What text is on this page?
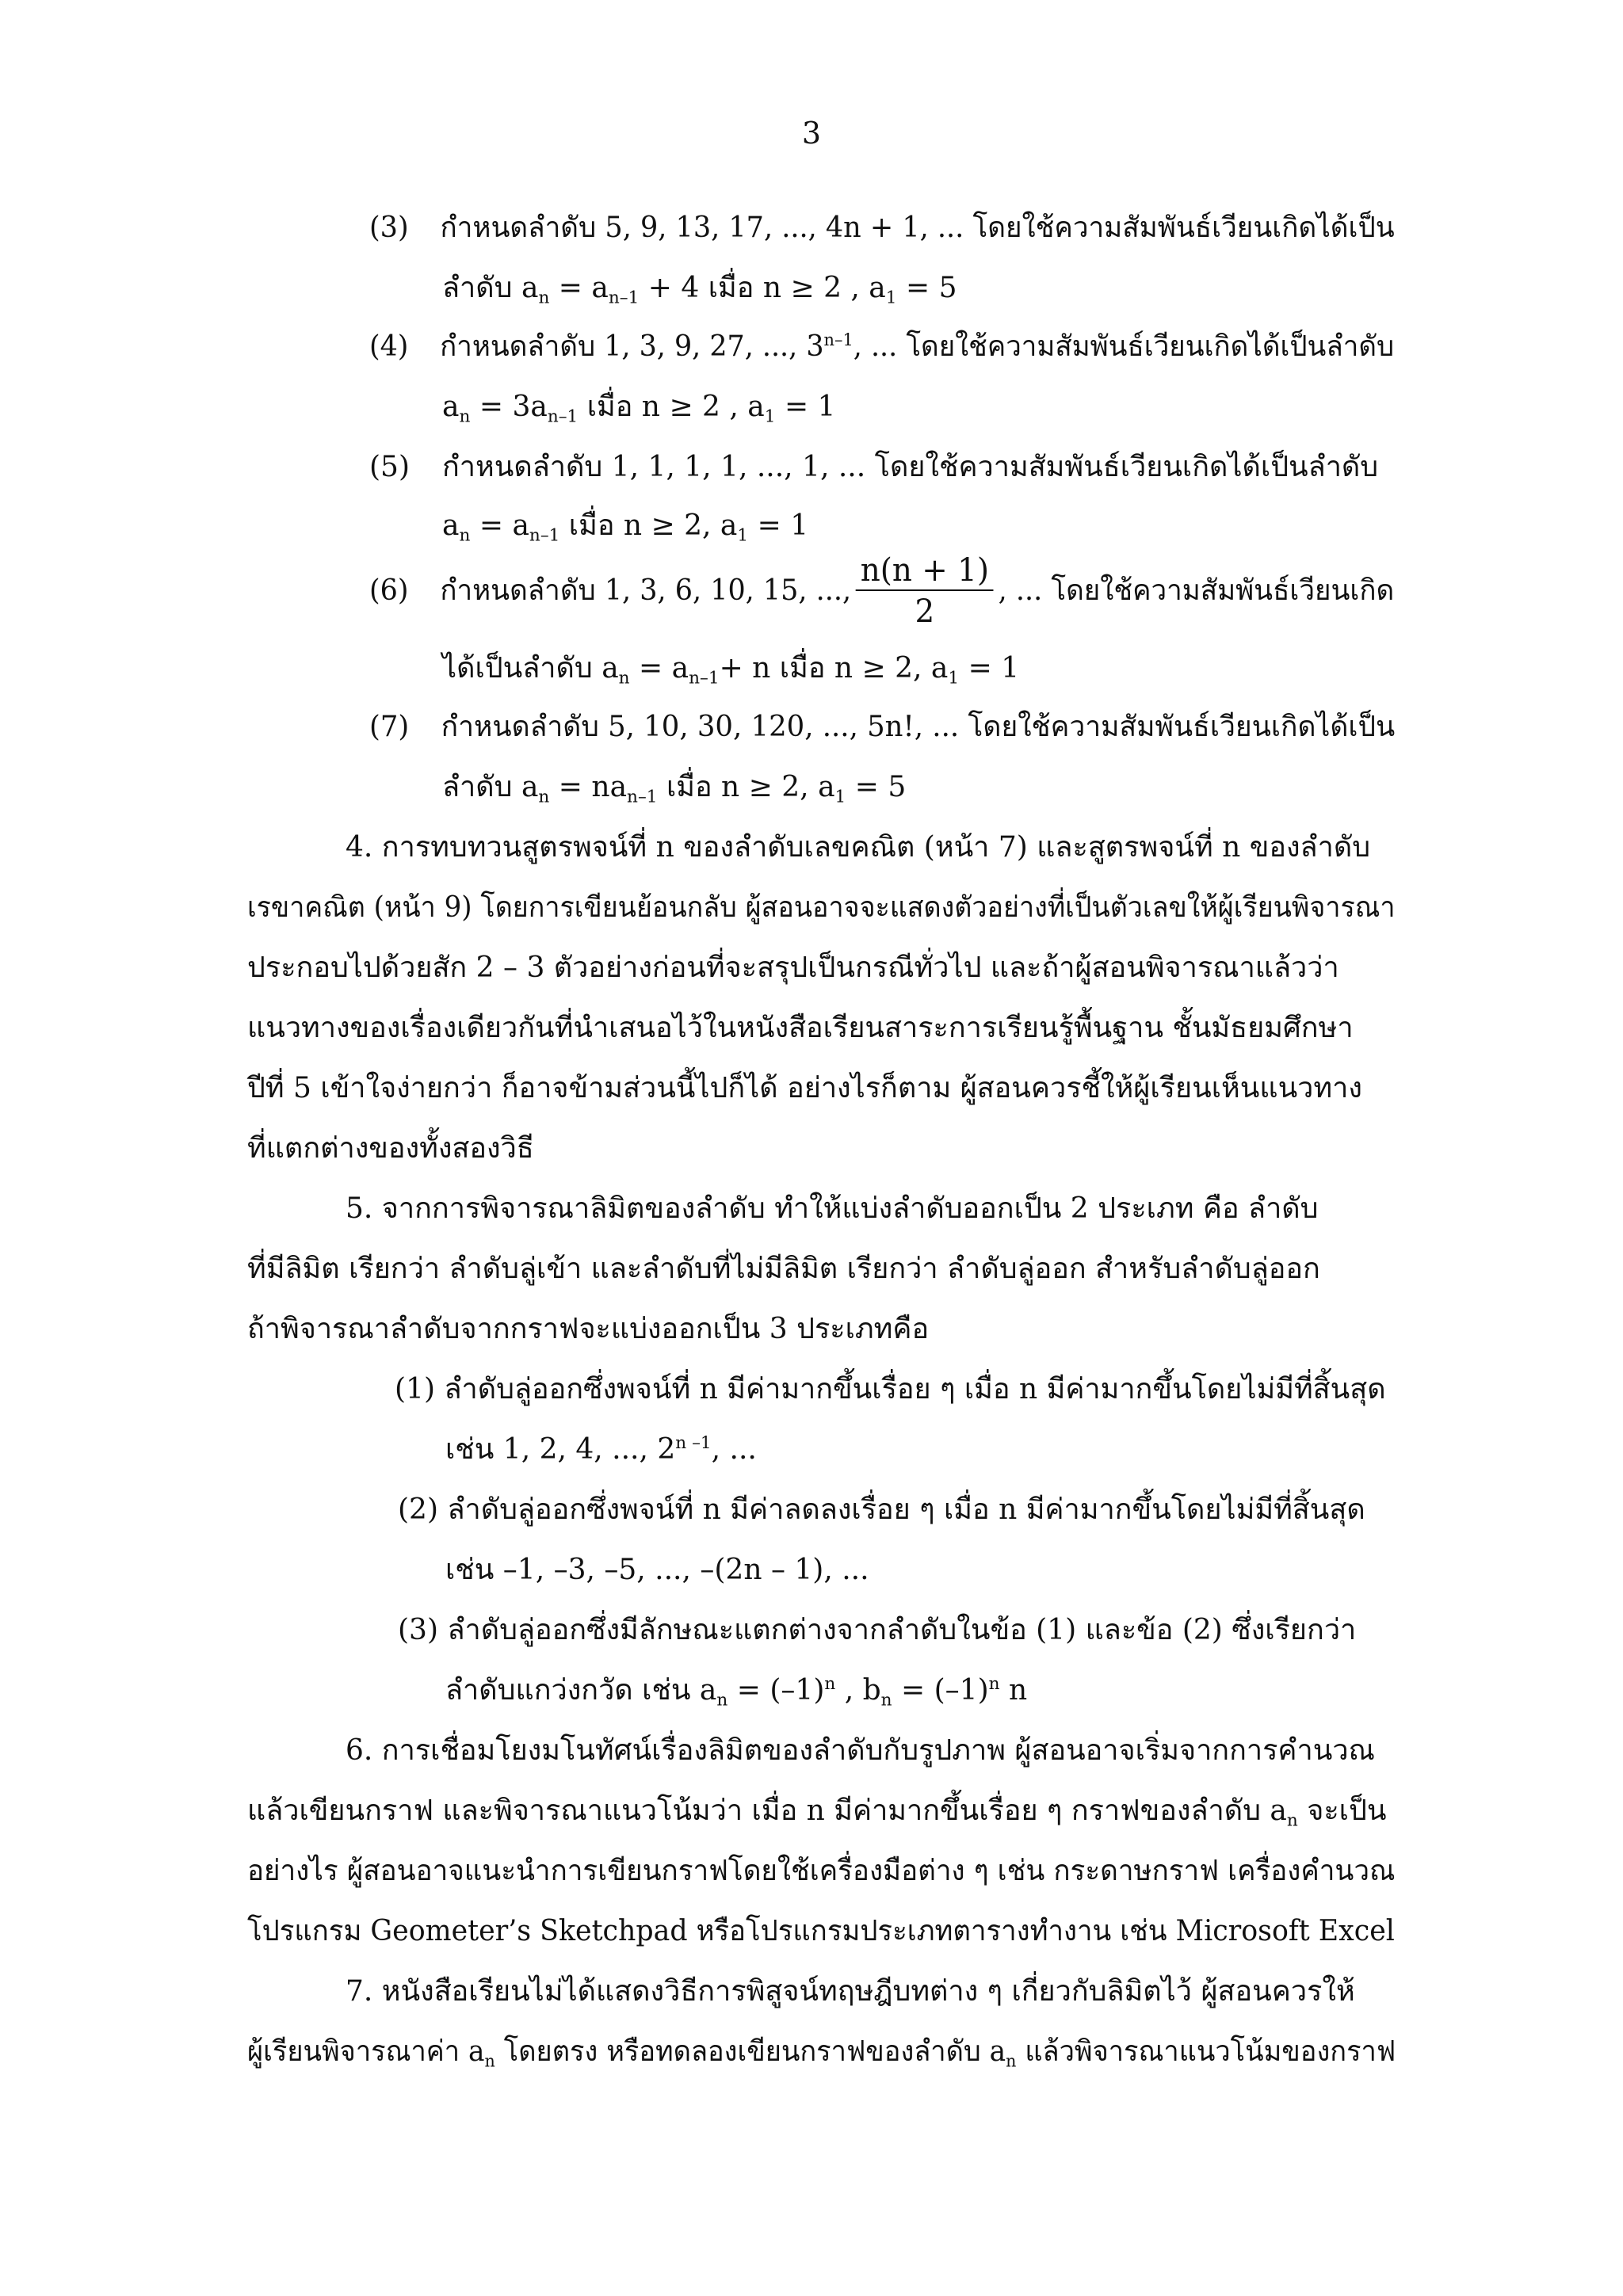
3
(3) กำหนดลำดับ 5, 9, 13, 17, ..., 4n + 1, ... โดยใช้ความสัมพันธ์เวียนเกิดได้เป็น
ลำดับ $a_n = a_{n-1} + 4$ เมื่อ n ≥ 2 , $a_1 = 5$
(4) กำหนดลำดับ 1, 3, 9, 27, ..., 3$^{n-1}$, ... โดยใช้ความสัมพันธ์เวียนเกิดได้เป็นลำดับ
$a_n = 3a_{n-1}$ เมื่อ n ≥ 2 , $a_1 = 1$
(5) กำหนดลำดับ 1, 1, 1, 1, ..., 1, ... โดยใช้ความสัมพันธ์เวียนเกิดได้เป็นลำดับ
$a_n = a_{n-1}$ เมื่อ n ≥ 2, $a_1 = 1$
(6) กำหนดลำดับ 1, 3, 6, 10, 15, ..., $\frac{n(n + 1)}{2}$ , ... โดยใช้ความสัมพันธ์เวียนเกิด
ได้เป็นลำดับ $a_n = a_{n-1}+ n$ เมื่อ n ≥ 2, $a_1 = 1$
(7) กำหนดลำดับ 5, 10, 30, 120, ..., 5n!, ... โดยใช้ความสัมพันธ์เวียนเกิดได้เป็น
ลำดับ $a_n = na_{n-1}$ เมื่อ n ≥ 2, $a_1 = 5$
4. การทบทวนสูตรพจน์ที่ n ของลำดับเลขคณิต (หน้า 7) และสูตรพจน์ที่ n ของลำดับ
เรขาคณิต (หน้า 9) โดยการเขียนย้อนกลับ ผู้สอนอาจจะแสดงตัวอย่างที่เป็นตัวเลขให้ผู้เรียนพิจารณา
ประกอบไปด้วยสัก 2 – 3 ตัวอย่างก่อนที่จะสรุปเป็นกรณีทั่วไป และถ้าผู้สอนพิจารณาแล้วว่า
แนวทางของเรื่องเดียวกันที่นำเสนอไว้ในหนังสือเรียนสาระการเรียนรู้พื้นฐาน ชั้นมัธยมศึกษา
ปีที่ 5 เข้าใจง่ายกว่า ก็อาจข้ามส่วนนี้ไปก็ได้ อย่างไรก็ตาม ผู้สอนควรชี้ให้ผู้เรียนเห็นแนวทาง
ที่แตกต่างของทั้งสองวิธี
5. จากการพิจารณาลิมิตของลำดับ ทำให้แบ่งลำดับออกเป็น 2 ประเภท คือ ลำดับ
ที่มีลิมิต เรียกว่า ลำดับลู่เข้า และลำดับที่ไม่มีลิมิต เรียกว่า ลำดับลู่ออก สำหรับลำดับลู่ออก
ถ้าพิจารณาลำดับจากกราฟจะแบ่งออกเป็น 3 ประเภทคือ
(1) ลำดับลู่ออกซึ่งพจน์ที่ n มีค่ามากขึ้นเรื่อย ๆ เมื่อ n มีค่ามากขึ้นโดยไม่มีที่สิ้นสุด
เช่น 1, 2, 4, ..., 2$^{n -1}$, ...
(2) ลำดับลู่ออกซึ่งพจน์ที่ n มีค่าลดลงเรื่อย ๆ เมื่อ n มีค่ามากขึ้นโดยไม่มีที่สิ้นสุด
เช่น –1, –3, –5, ..., –(2n – 1), ...
(3) ลำดับลู่ออกซึ่งมีลักษณะแตกต่างจากลำดับในข้อ (1) และข้อ (2) ซึ่งเรียกว่า
ลำดับแกว่งกวัด เช่น $a_n = (-1)^n$ , $b_n = (-1)^n$ n
6. การเชื่อมโยงมโนทัศน์เรื่องลิมิตของลำดับกับรูปภาพ ผู้สอนอาจเริ่มจากการคำนวณ
แล้วเขียนกราฟ และพิจารณาแนวโน้มว่า เมื่อ n มีค่ามากขึ้นเรื่อย ๆ กราฟของลำดับ $a_n$ จะเป็น
อย่างไร ผู้สอนอาจแนะนำการเขียนกราฟโดยใช้เครื่องมือต่าง ๆ เช่น กระดาษกราฟ เครื่องคำนวณ
โปรแกรม Geometer’s Sketchpad หรือโปรแกรมประเภทตารางทำงาน เช่น Microsoft Excel
7. หนังสือเรียนไม่ได้แสดงวิธีการพิสูจน์ทฤษฎีบทต่าง ๆ เกี่ยวกับลิมิตไว้ ผู้สอนควรให้
ผู้เรียนพิจารณาค่า $a_n$ โดยตรง หรือทดลองเขียนกราฟของลำดับ $a_n$ แล้วพิจารณาแนวโน้มของกราฟ
